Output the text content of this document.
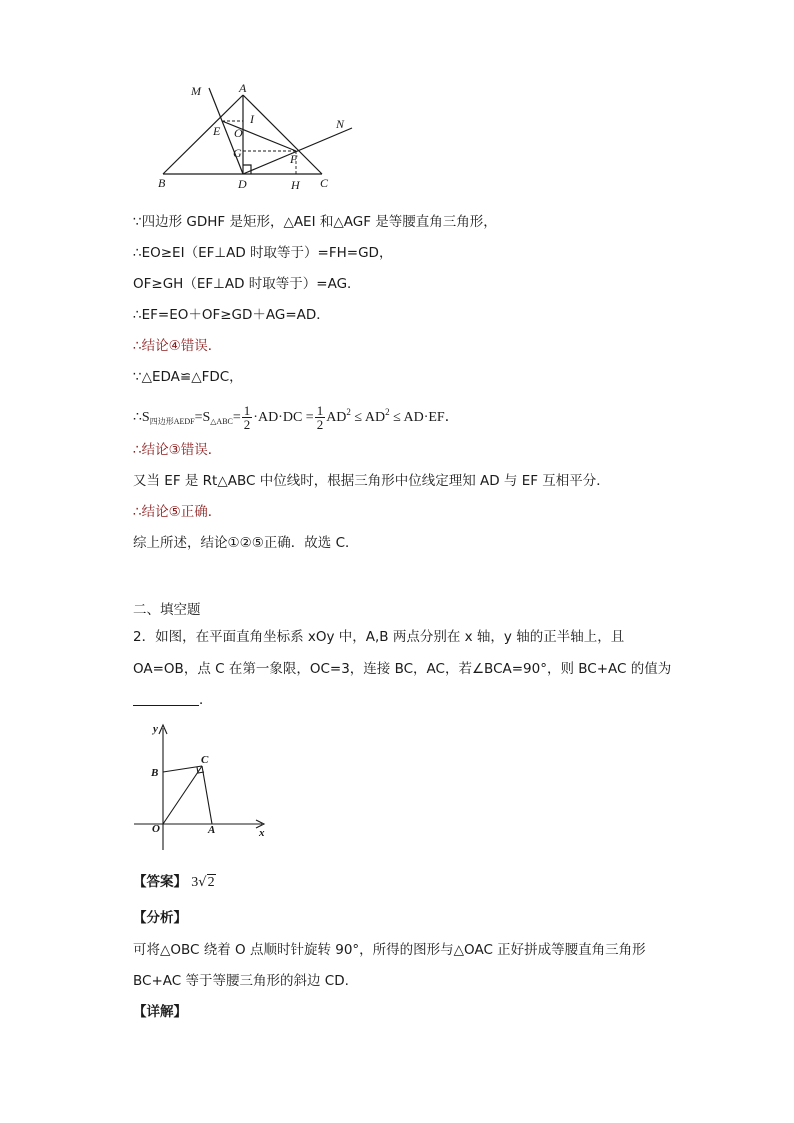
M	A
N
I
E O
G	F
B	D	H C
∵四边形 GDHF 是矩形，△AEI 和△AGF 是等腰直角三角形，
∴EO≥EI（EF⊥AD 时取等于）=FH=GD，
OF≥GH（EF⊥AD 时取等于）=AG．
∴EF=EO＋OF≥GD＋AG=AD．
∴结论④错误．
∵△EDA≌△FDC，
$\therefore S_{四边形AEDF}=S_{\triangle ABC}= \frac{1}{2} \cdot AD\cdot DC = \frac{1}{2} AD^2 \le AD^2 \le AD\cdot EF$．
∴结论③错误．
又当 EF 是 Rt△ABC 中位线时，根据三角形中位线定理知 AD 与 EF 互相平分．
∴结论⑤正确．
综上所述，结论①②⑤正确．故选 C．
二、填空题
2．如图，在平面直角坐标系 xOy 中，A,B 两点分别在 x 轴，y 轴的正半轴上，且
OA=OB，点 C 在第一象限，OC=3，连接 BC，AC，若∠BCA=90°，则 BC+AC 的值为
．
y
x
O	A
B
C
【答案】 3√2
【分析】
可将△OBC 绕着 O 点顺时针旋转 90°，所得的图形与△OAC 正好拼成等腰直角三角形
BC+AC 等于等腰三角形的斜边 CD.
【详解】
